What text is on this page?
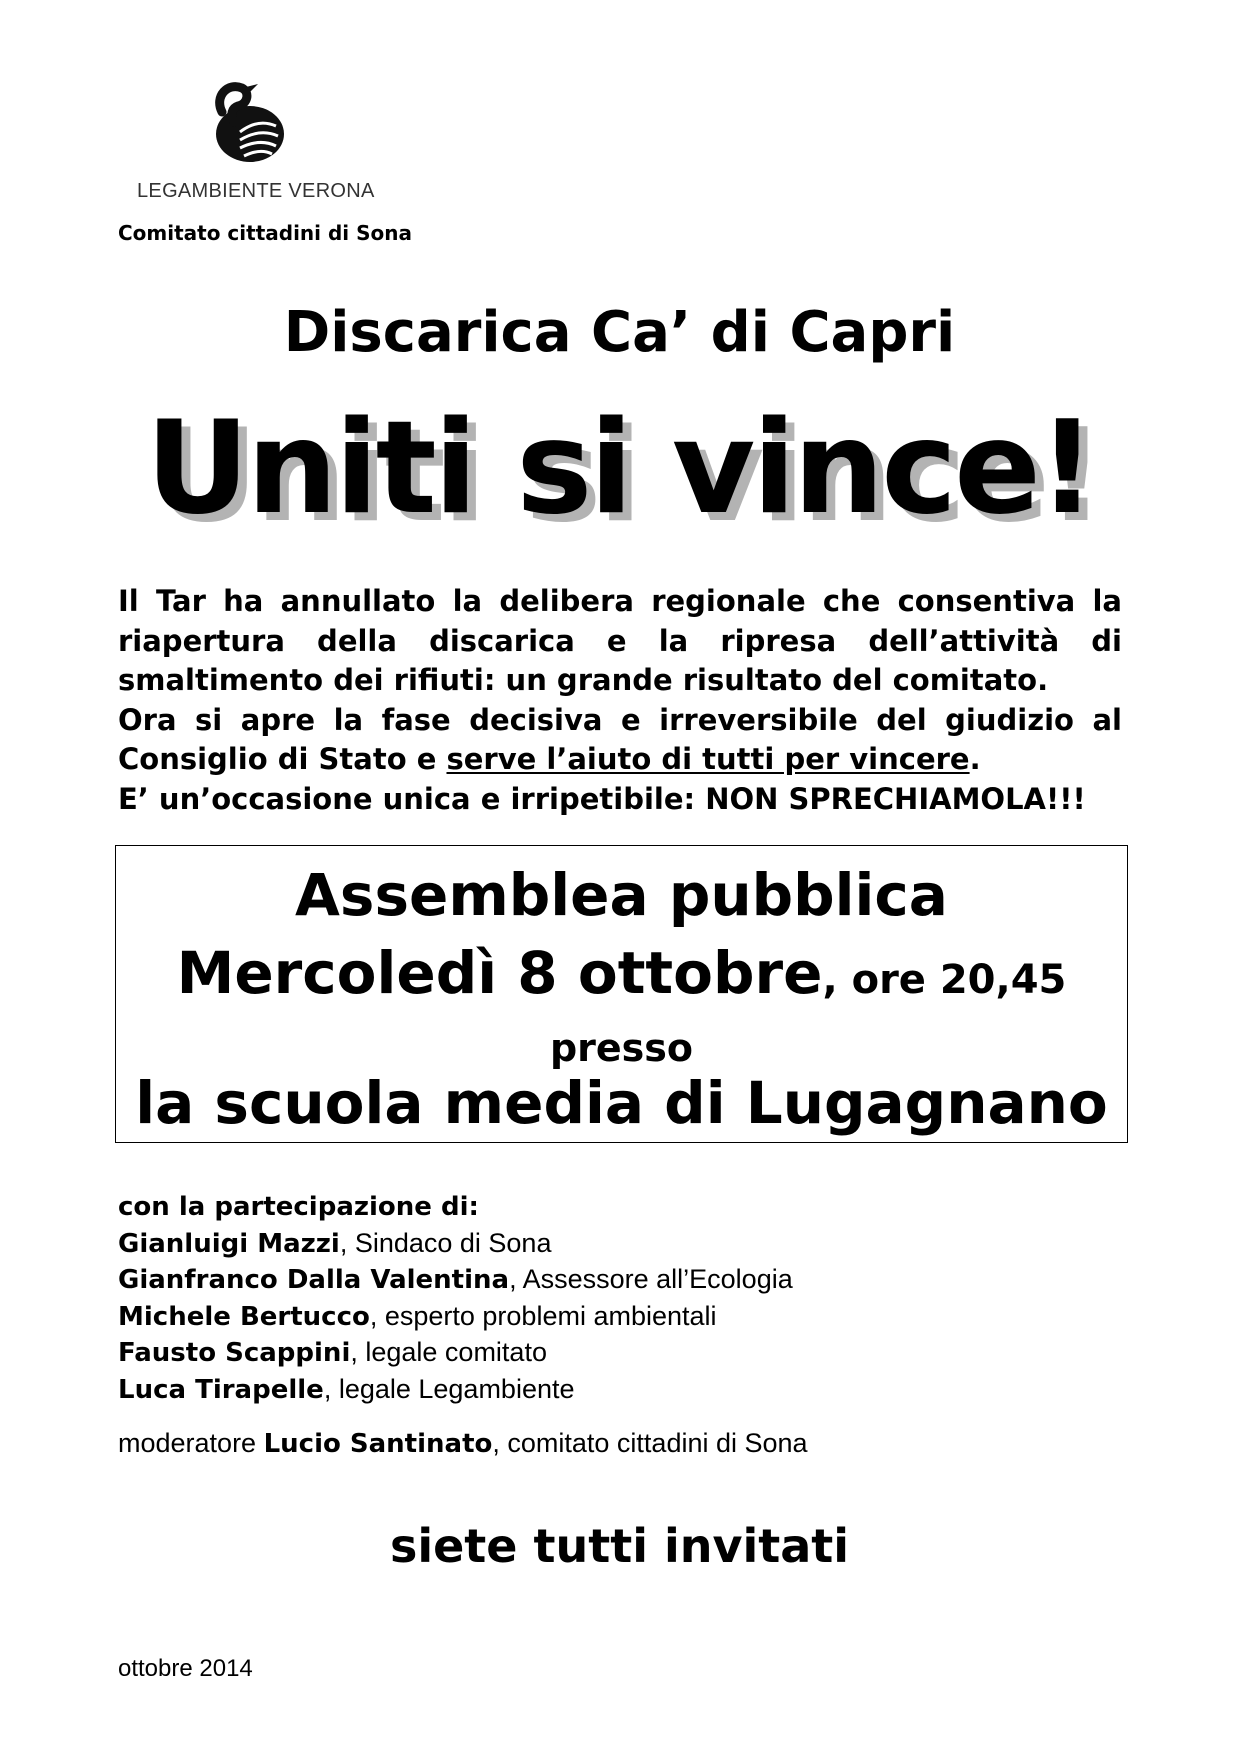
LEGAMBIENTE VERONA
Comitato cittadini di Sona
Discarica Ca’ di Capri
Uniti si vince!
Il Tar ha annullato la delibera regionale che consentiva la
riapertura della discarica e la ripresa dell’attività di
smaltimento dei rifiuti: un grande risultato del comitato.
Ora si apre la fase decisiva e irreversibile del giudizio al
Consiglio di Stato e serve l’aiuto di tutti per vincere.
E’ un’occasione unica e irripetibile: NON SPRECHIAMOLA!!!
Assemblea pubblica
Mercoledì 8 ottobre, ore 20,45
presso
la scuola media di Lugagnano
con la partecipazione di:
Gianluigi Mazzi, Sindaco di Sona
Gianfranco Dalla Valentina, Assessore all’Ecologia
Michele Bertucco, esperto problemi ambientali
Fausto Scappini, legale comitato
Luca Tirapelle, legale Legambiente
moderatore Lucio Santinato, comitato cittadini di Sona
siete tutti invitati
ottobre 2014
